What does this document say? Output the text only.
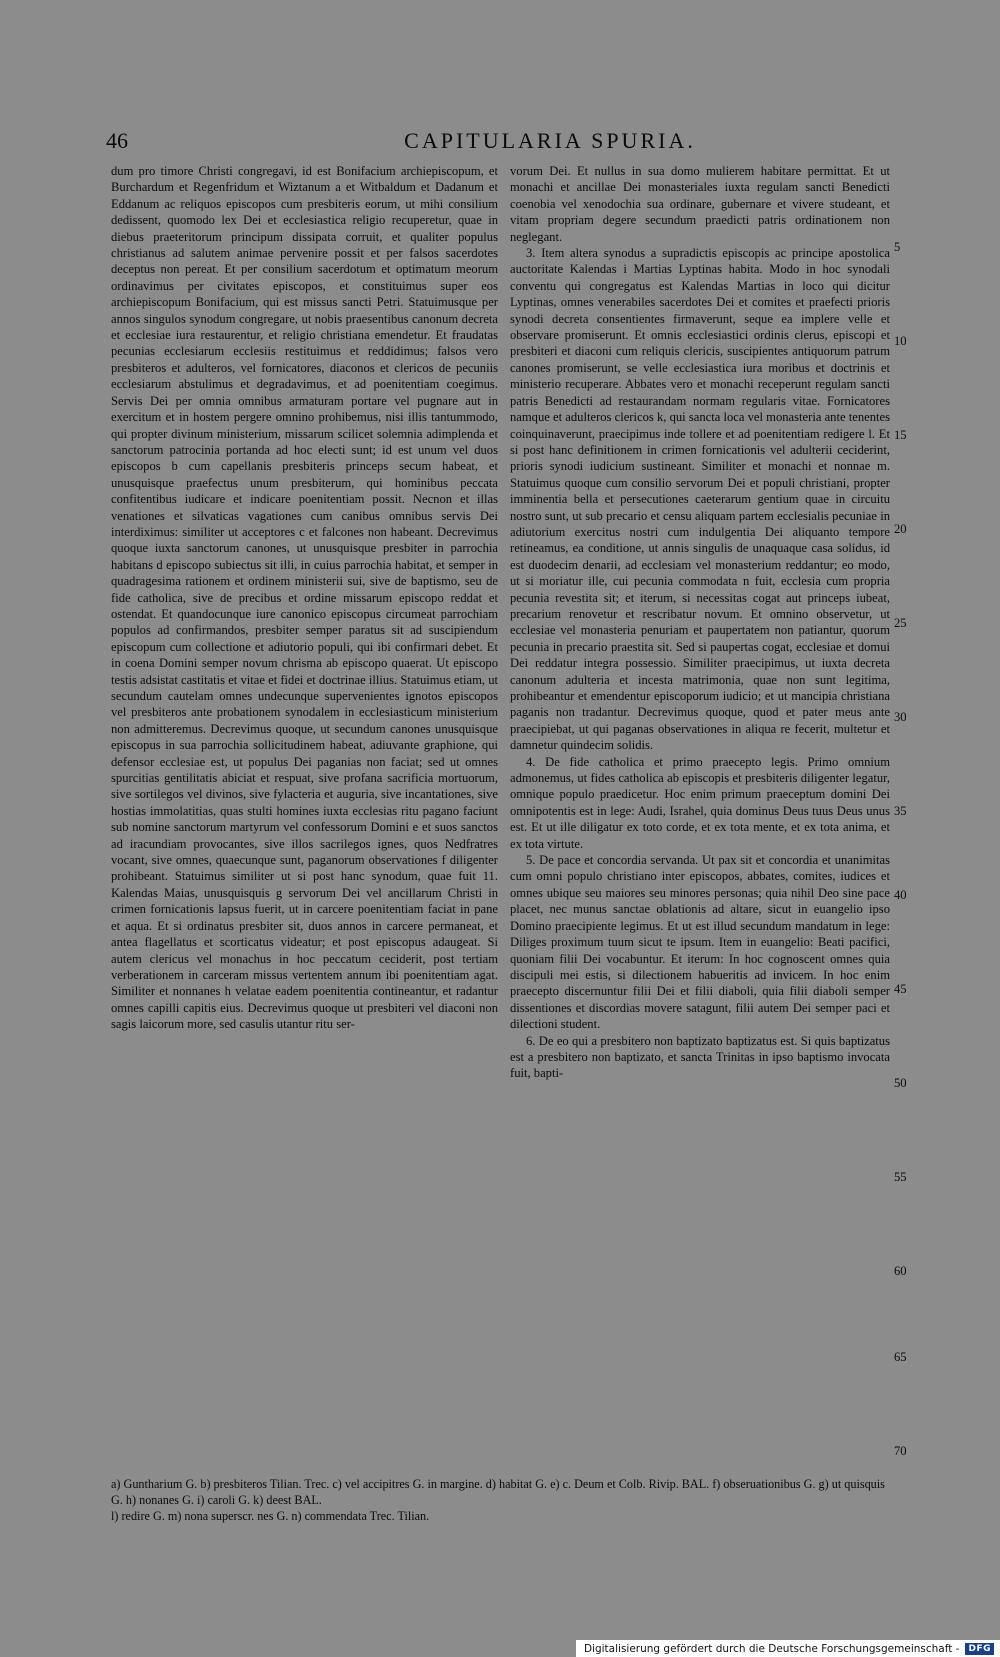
46	CAPITULARIA SPURIA.
dum pro timore Christi congregavi, id est Bonifacium archiepiscopum, et Burchardum et Regenfridum et Wiztanum a et Witbaldum et Dadanum et Eddanum ac reliquos episcopos cum presbiteris eorum, ut mihi consilium dedissent, quomodo lex Dei et ecclesiastica religio recuperetur, quae in diebus praeteritorum principum dissipata corruit, et qualiter populus christianus ad salutem animae pervenire possit et per falsos sacerdotes deceptus non pereat. Et per consilium sacerdotum et optimatum meorum ordinavimus per civitates episcopos, et constituimus super eos archiepiscopum Bonifacium, qui est missus sancti Petri. Statuimusque per annos singulos synodum congregare, ut nobis praesentibus canonum decreta et ecclesiae iura restaurentur, et religio christiana emendetur. Et fraudatas pecunias ecclesiarum ecclesiis restituimus et reddidimus; falsos vero presbiteros et adulteros, vel fornicatores, diaconos et clericos de pecuniis ecclesiarum abstulimus et degradavimus, et ad poenitentiam coegimus. Servis Dei per omnia omnibus armaturam portare vel pugnare aut in exercitum et in hostem pergere omnino prohibemus, nisi illis tantummodo, qui propter divinum ministerium, missarum scilicet solemnia adimplenda et sanctorum patrocinia portanda ad hoc electi sunt; id est unum vel duos episcopos b cum capellanis presbiteris princeps secum habeat, et unusquisque praefectus unum presbiterum, qui hominibus peccata confitentibus iudicare et indicare poenitentiam possit. Necnon et illas venationes et silvaticas vagationes cum canibus omnibus servis Dei interdiximus: similiter ut acceptores c et falcones non habeant. Decrevimus quoque iuxta sanctorum canones, ut unusquisque presbiter in parrochia habitans d episcopo subiectus sit illi, in cuius parrochia habitat, et semper in quadragesima rationem et ordinem ministerii sui, sive de baptismo, seu de fide catholica, sive de precibus et ordine missarum episcopo reddat et ostendat. Et quandocunque iure canonico episcopus circumeat parrochiam populos ad confirmandos, presbiter semper paratus sit ad suscipiendum episcopum cum collectione et adiutorio populi, qui ibi confirmari debet. Et in coena Domini semper novum chrisma ab episcopo quaerat. Ut episcopo testis adsistat castitatis et vitae et fidei et doctrinae illius. Statuimus etiam, ut secundum cautelam omnes undecunque supervenientes ignotos episcopos vel presbiteros ante probationem synodalem in ecclesiasticum ministerium non admitteremus. Decrevimus quoque, ut secundum canones unusquisque episcopus in sua parrochia sollicitudinem habeat, adiuvante graphione, qui defensor ecclesiae est, ut populus Dei paganias non faciat; sed ut omnes spurcitias gentilitatis abiciat et respuat, sive profana sacrificia mortuorum, sive sortilegos vel divinos, sive fylacteria et auguria, sive incantationes, sive hostias immolatitias, quas stulti homines iuxta ecclesias ritu pagano faciunt sub nomine sanctorum martyrum vel confessorum Domini e et suos sanctos ad iracundiam provocantes, sive illos sacrilegos ignes, quos Nedfratres vocant, sive omnes, quaecunque sunt, paganorum observationes f diligenter prohibeant. Statuimus similiter ut si post hanc synodum, quae fuit 11. Kalendas Maias, unusquisquis g servorum Dei vel ancillarum Christi in crimen fornicationis lapsus fuerit, ut in carcere poenitentiam faciat in pane et aqua. Et si ordinatus presbiter sit, duos annos in carcere permaneat, et antea flagellatus et scorticatus videatur; et post episcopus adaugeat. Si autem clericus vel monachus in hoc peccatum ceciderit, post tertiam verberationem in carceram missus vertentem annum ibi poenitentiam agat. Similiter et nonnanes h velatae eadem poenitentia contineantur, et radantur omnes capilli capitis eius. Decrevimus quoque ut presbiteri vel diaconi non sagis laicorum more, sed casulis utantur ritu ser-
vorum Dei. Et nullus in sua domo mulierem habitare permittat. Et ut monachi et ancillae Dei monasteriales iuxta regulam sancti Benedicti coenobia vel xenodochia sua ordinare, gubernare et vivere studeant, et vitam propriam degere secundum praedicti patris ordinationem non neglegant.
3. Item altera synodus a supradictis episcopis ac principe apostolica auctoritate Kalendas i Martias Lyptinas habita. Modo in hoc synodali conventu qui congregatus est Kalendas Martias in loco qui dicitur Lyptinas, omnes venerabiles sacerdotes Dei et comites et praefecti prioris synodi decreta consentientes firmaverunt, seque ea implere velle et observare promiserunt. Et omnis ecclesiastici ordinis clerus, episcopi et presbiteri et diaconi cum reliquis clericis, suscipientes antiquorum patrum canones promiserunt, se velle ecclesiastica iura moribus et doctrinis et ministerio recuperare. Abbates vero et monachi receperunt regulam sancti patris Benedicti ad restaurandam normam regularis vitae. Fornicatores namque et adulteros clericos k, qui sancta loca vel monasteria ante tenentes coinquinaverunt, praecipimus inde tollere et ad poenitentiam redigere l. Et si post hanc definitionem in crimen fornicationis vel adulterii ceciderint, prioris synodi iudicium sustineant. Similiter et monachi et nonnae m. Statuimus quoque cum consilio servorum Dei et populi christiani, propter imminentia bella et persecutiones caeterarum gentium quae in circuitu nostro sunt, ut sub precario et censu aliquam partem ecclesialis pecuniae in adiutorium exercitus nostri cum indulgentia Dei aliquanto tempore retineamus, ea conditione, ut annis singulis de unaquaque casa solidus, id est duodecim denarii, ad ecclesiam vel monasterium reddantur; eo modo, ut si moriatur ille, cui pecunia commodata n fuit, ecclesia cum propria pecunia revestita sit; et iterum, si necessitas cogat aut princeps iubeat, precarium renovetur et rescribatur novum. Et omnino observetur, ut ecclesiae vel monasteria penuriam et paupertatem non patiantur, quorum pecunia in precario praestita sit. Sed si paupertas cogat, ecclesiae et domui Dei reddatur integra possessio. Similiter praecipimus, ut iuxta decreta canonum adulteria et incesta matrimonia, quae non sunt legitima, prohibeantur et emendentur episcoporum iudicio; et ut mancipia christiana paganis non tradantur. Decrevimus quoque, quod et pater meus ante praecipiebat, ut qui paganas observationes in aliqua re fecerit, multetur et damnetur quindecim solidis.
4. De fide catholica et primo praecepto legis. Primo omnium admonemus, ut fides catholica ab episcopis et presbiteris diligenter legatur, omnique populo praedicetur. Hoc enim primum praeceptum domini Dei omnipotentis est in lege: Audi, Israhel, quia dominus Deus tuus Deus unus est. Et ut ille diligatur ex toto corde, et ex tota mente, et ex tota anima, et ex tota virtute.
5. De pace et concordia servanda. Ut pax sit et concordia et unanimitas cum omni populo christiano inter episcopos, abbates, comites, iudices et omnes ubique seu maiores seu minores personas; quia nihil Deo sine pace placet, nec munus sanctae oblationis ad altare, sicut in euangelio ipso Domino praecipiente legimus. Et ut est illud secundum mandatum in lege: Diliges proximum tuum sicut te ipsum. Item in euangelio: Beati pacifici, quoniam filii Dei vocabuntur. Et iterum: In hoc cognoscent omnes quia discipuli mei estis, si dilectionem habueritis ad invicem. In hoc enim praecepto discernuntur filii Dei et filii diaboli, quia filii diaboli semper dissentiones et discordias movere satagunt, filii autem Dei semper paci et dilectioni student.
6. De eo qui a presbitero non baptizato baptizatus est. Si quis baptizatus est a presbitero non baptizato, et sancta Trinitas in ipso baptismo invocata fuit, bapti-
5
10
15
20
25
30
35
40
45
50
55
60
65
70
a) Guntharium G. b) presbiteros Tilian. Trec. c) vel accipitres G. in margine. d) habitat G. e) c. Deum et Colb. Rivip. BAL. f) obseruationibus G. g) ut quisquis G. h) nonanes G. i) caroli G. k) deest BAL.
l) redire G. m) nona superscr. nes G. n) commendata Trec. Tilian.
Digitalisierung gefördert durch die Deutsche Forschungsgemeinschaft -	DFG
